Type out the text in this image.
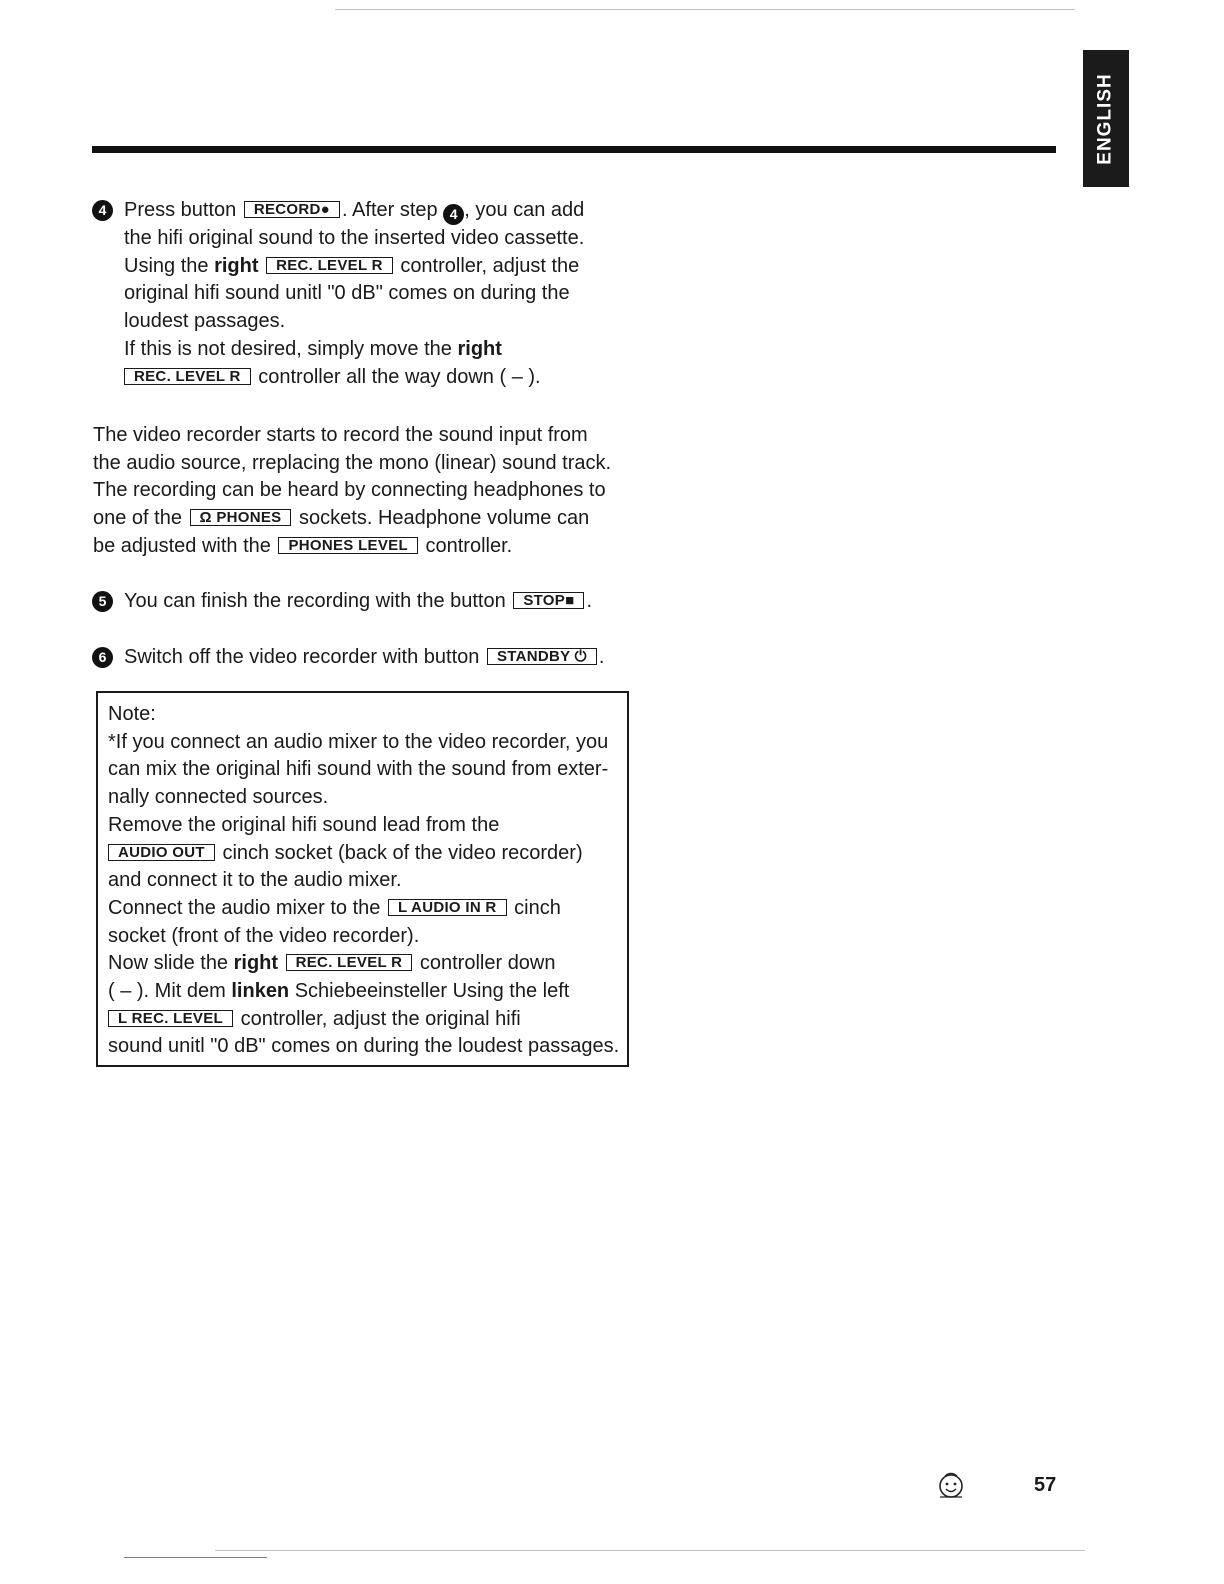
ENGLISH
4 Press button RECORD● . After step 4 , you can add
the hifi original sound to the inserted video cassette.
Using the right REC. LEVEL R controller, adjust the
original hifi sound unitl "0 dB" comes on during the
loudest passages.
If this is not desired, simply move the right
REC. LEVEL R controller all the way down ( – ).
The video recorder starts to record the sound input from
the audio source, rreplacing the mono (linear) sound track.
The recording can be heard by connecting headphones to
one of the Ω PHONES sockets. Headphone volume can
be adjusted with the PHONES LEVEL controller.
5 You can finish the recording with the button STOP■ .
6 Switch off the video recorder with button STANDBY ⏻ .
Note:
*If you connect an audio mixer to the video recorder, you
can mix the original hifi sound with the sound from exter-
nally connected sources.
Remove the original hifi sound lead from the
AUDIO OUT cinch socket (back of the video recorder)
and connect it to the audio mixer.
Connect the audio mixer to the L AUDIO IN R cinch
socket (front of the video recorder).
Now slide the right REC. LEVEL R controller down
( – ). Mit dem linken Schiebeeinsteller Using the left
L REC. LEVEL controller, adjust the original hifi
sound unitl "0 dB" comes on during the loudest passages.
57
